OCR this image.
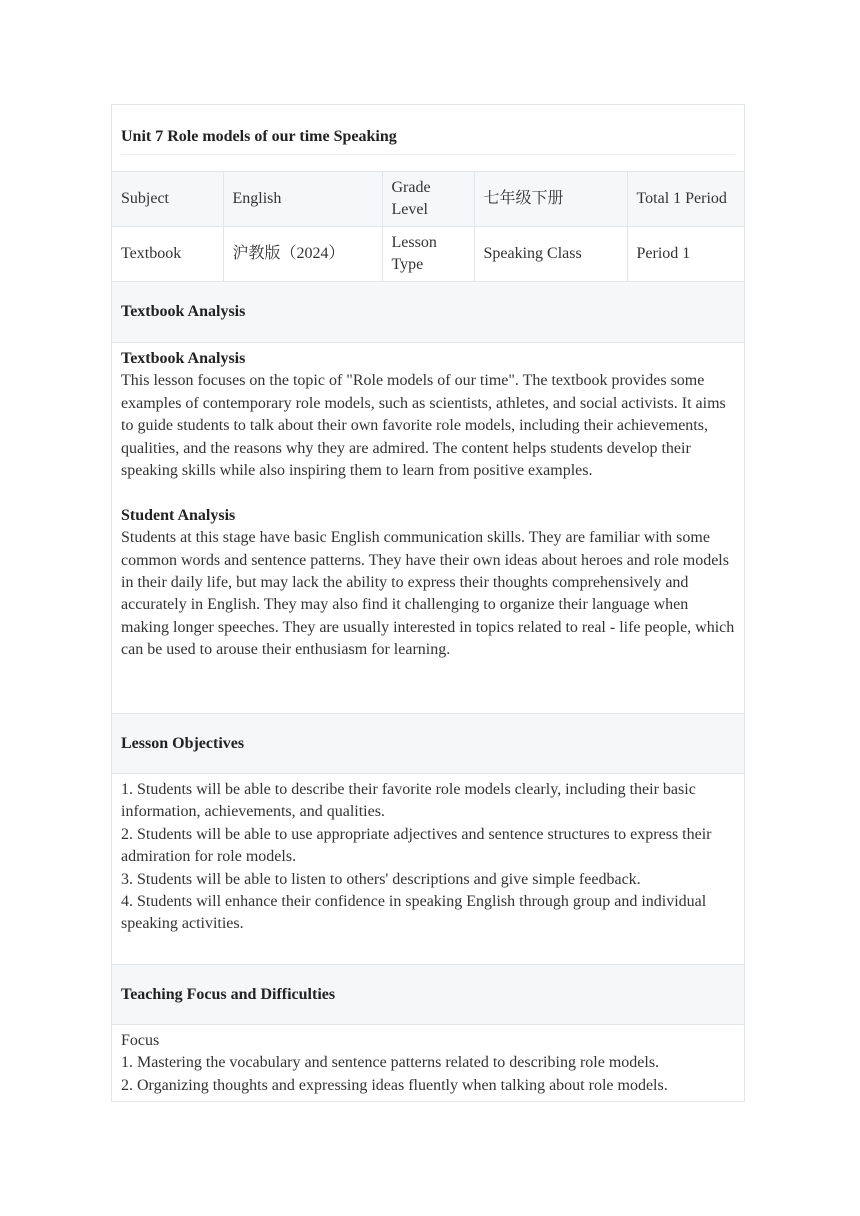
Unit 7 Role models of our time Speaking
Subject	English	Grade Level	七年级下册	Total 1 Period
Textbook	沪教版（2024）	Lesson Type	Speaking Class	Period 1
Textbook Analysis
Textbook Analysis
This lesson focuses on the topic of "Role models of our time". The textbook provides some examples of contemporary role models, such as scientists, athletes, and social activists. It aims to guide students to talk about their own favorite role models, including their achievements, qualities, and the reasons why they are admired. The content helps students develop their speaking skills while also inspiring them to learn from positive examples.
Student Analysis
Students at this stage have basic English communication skills. They are familiar with some common words and sentence patterns. They have their own ideas about heroes and role models in their daily life, but may lack the ability to express their thoughts comprehensively and accurately in English. They may also find it challenging to organize their language when making longer speeches. They are usually interested in topics related to real - life people, which can be used to arouse their enthusiasm for learning.
Lesson Objectives
1. Students will be able to describe their favorite role models clearly, including their basic information, achievements, and qualities.
2. Students will be able to use appropriate adjectives and sentence structures to express their admiration for role models.
3. Students will be able to listen to others' descriptions and give simple feedback.
4. Students will enhance their confidence in speaking English through group and individual speaking activities.
Teaching Focus and Difficulties
Focus
1. Mastering the vocabulary and sentence patterns related to describing role models.
2. Organizing thoughts and expressing ideas fluently when talking about role models.
